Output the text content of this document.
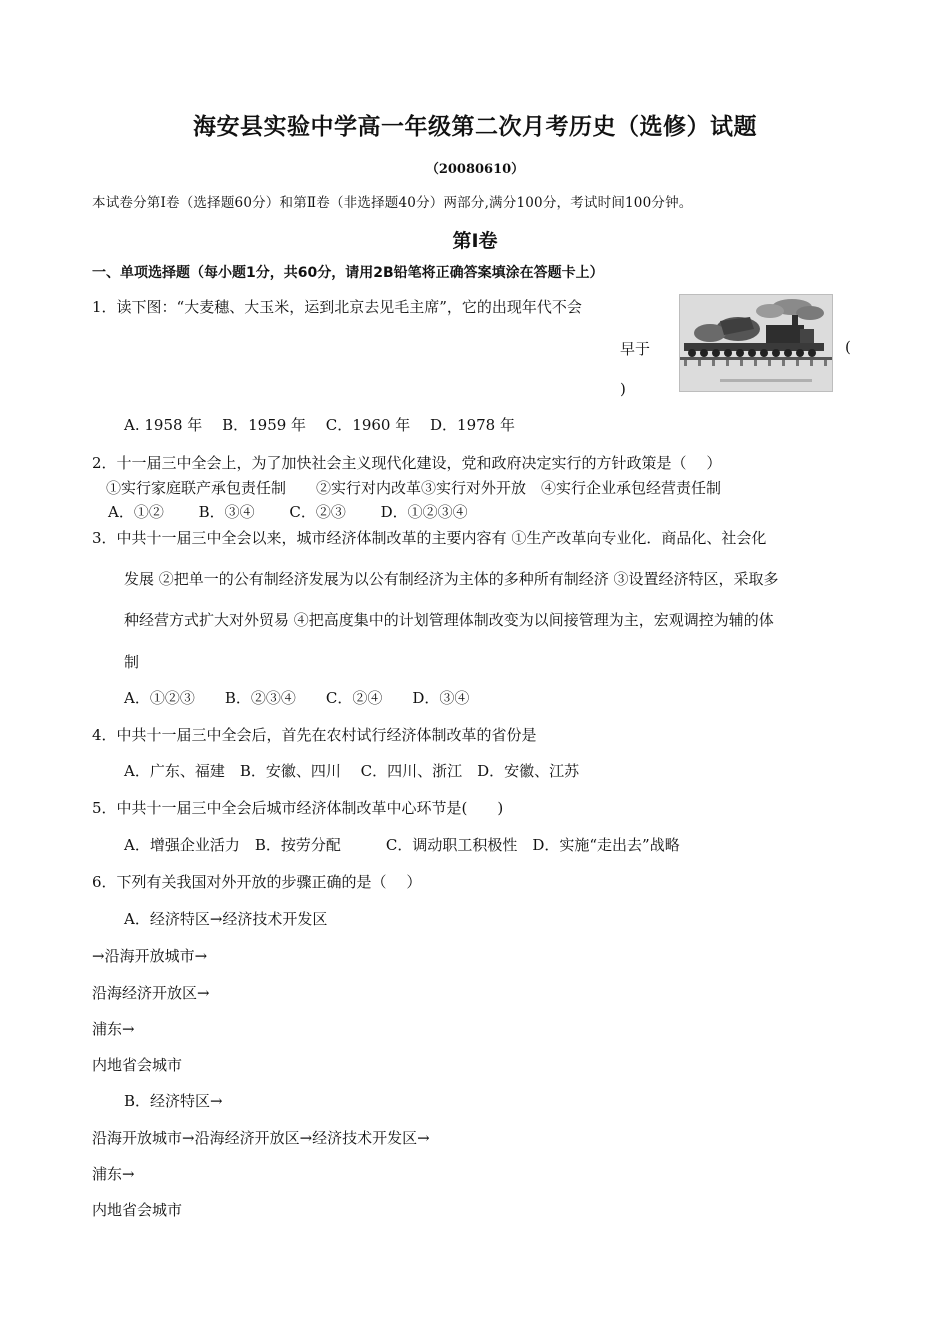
海安县实验中学高一年级第二次月考历史（选修）试题
（20080610）
本试卷分第Ⅰ卷（选择题60分）和第Ⅱ卷（非选择题40分）两部分,满分100分，考试时间100分钟。
第Ⅰ卷
一、单项选择题（每小题1分，共60分，请用2B铅笔将正确答案填涂在答题卡上）
1．读下图：“大麦穗、大玉米，运到北京去见毛主席”，它的出现年代不会
早于	(
)
A. 1958 年　 B．1959 年　 C．1960 年　 D．1978 年
2．十一届三中全会上，为了加快社会主义现代化建设，党和政府决定实行的方针政策是（　 ）
①实行家庭联产承包责任制　　②实行对内改革③实行对外开放　④实行企业承包经营责任制
A．①②　　 B．③④　　 C．②③　　 D．①②③④
3．中共十一届三中全会以来，城市经济体制改革的主要内容有 ①生产改革向专业化．商品化、社会化
发展 ②把单一的公有制经济发展为以公有制经济为主体的多种所有制经济 ③设置经济特区，采取多
种经营方式扩大对外贸易 ④把高度集中的计划管理体制改变为以间接管理为主，宏观调控为辅的体
制
A．①②③　　B．②③④　　C．②④　　D．③④
4．中共十一届三中全会后，首先在农村试行经济体制改革的省份是
A．广东、福建　B．安徽、四川　 C．四川、浙江　D．安徽、江苏
5．中共十一届三中全会后城市经济体制改革中心环节是(　　)
A．增强企业活力　B．按劳分配　　　C．调动职工积极性　D．实施“走出去”战略
6．下列有关我国对外开放的步骤正确的是（　 ）
A．经济特区→经济技术开发区
→沿海开放城市→
沿海经济开放区→
浦东→
内地省会城市
B．经济特区→
沿海开放城市→沿海经济开放区→经济技术开发区→
浦东→
内地省会城市
